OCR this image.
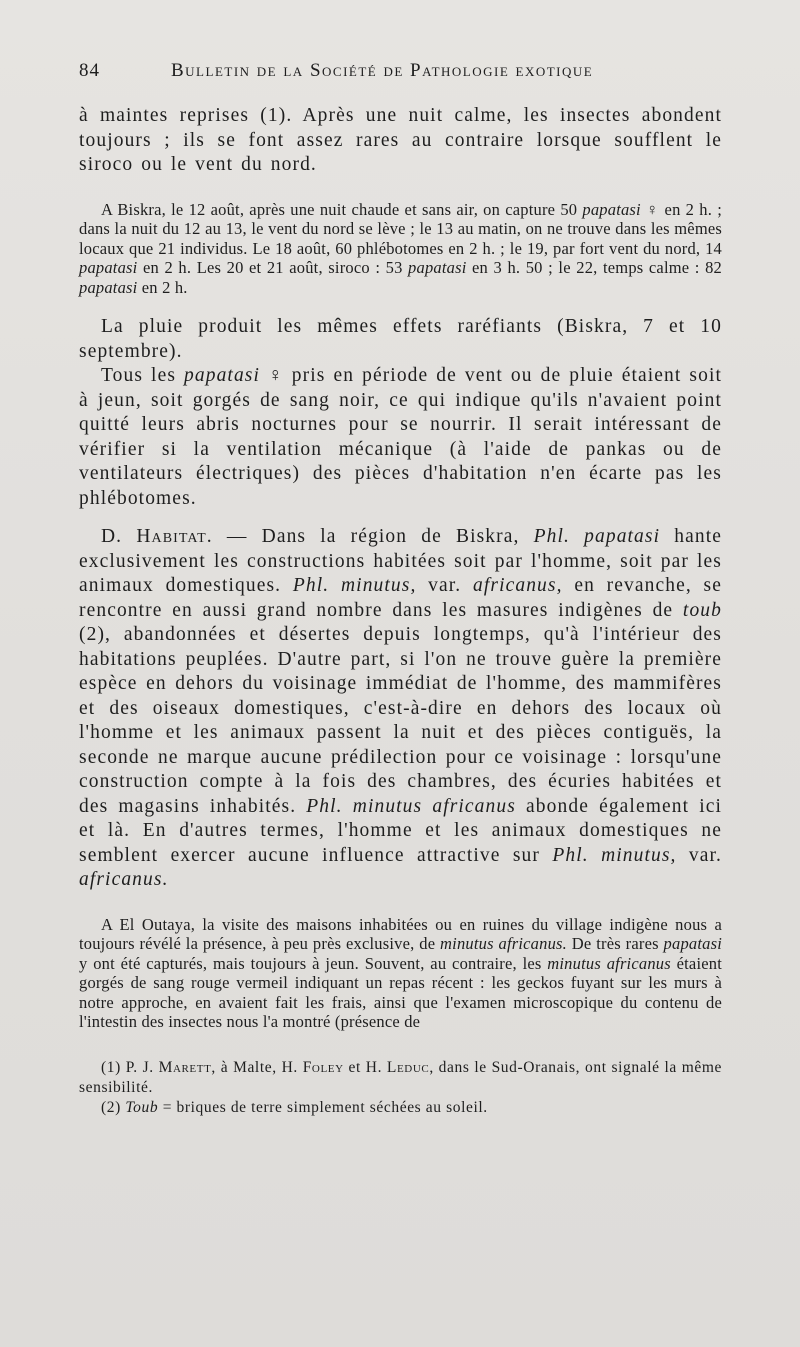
84	Bulletin de la Société de Pathologie exotique

à maintes reprises (1). Après une nuit calme, les insectes abondent toujours ; ils se font assez rares au contraire lorsque soufflent le siroco ou le vent du nord.

A Biskra, le 12 août, après une nuit chaude et sans air, on capture 50 papatasi ♀ en 2 h. ; dans la nuit du 12 au 13, le vent du nord se lève ; le 13 au matin, on ne trouve dans les mêmes locaux que 21 individus. Le 18 août, 60 phlébotomes en 2 h. ; le 19, par fort vent du nord, 14 papatasi en 2 h. Les 20 et 21 août, siroco : 53 papatasi en 3 h. 50 ; le 22, temps calme : 82 papatasi en 2 h.

La pluie produit les mêmes effets raréfiants (Biskra, 7 et 10 septembre).

Tous les papatasi ♀ pris en période de vent ou de pluie étaient soit à jeun, soit gorgés de sang noir, ce qui indique qu'ils n'avaient point quitté leurs abris nocturnes pour se nourrir. Il serait intéressant de vérifier si la ventilation mécanique (à l'aide de pankas ou de ventilateurs électriques) des pièces d'habitation n'en écarte pas les phlébotomes.

D. Habitat. — Dans la région de Biskra, Phl. papatasi hante exclusivement les constructions habitées soit par l'homme, soit par les animaux domestiques. Phl. minutus, var. africanus, en revanche, se rencontre en aussi grand nombre dans les masures indigènes de toub (2), abandonnées et désertes depuis longtemps, qu'à l'intérieur des habitations peuplées. D'autre part, si l'on ne trouve guère la première espèce en dehors du voisinage immédiat de l'homme, des mammifères et des oiseaux domestiques, c'est-à-dire en dehors des locaux où l'homme et les animaux passent la nuit et des pièces contiguës, la seconde ne marque aucune prédilection pour ce voisinage : lorsqu'une construction compte à la fois des chambres, des écuries habitées et des magasins inhabités. Phl. minutus africanus abonde également ici et là. En d'autres termes, l'homme et les animaux domestiques ne semblent exercer aucune influence attractive sur Phl. minutus, var. africanus.

A El Outaya, la visite des maisons inhabitées ou en ruines du village indigène nous a toujours révélé la présence, à peu près exclusive, de minutus africanus. De très rares papatasi y ont été capturés, mais toujours à jeun. Souvent, au contraire, les minutus africanus étaient gorgés de sang rouge vermeil indiquant un repas récent : les geckos fuyant sur les murs à notre approche, en avaient fait les frais, ainsi que l'examen microscopique du contenu de l'intestin des insectes nous l'a montré (présence de

(1) P. J. Marett, à Malte, H. Foley et H. Leduc, dans le Sud-Oranais, ont signalé la même sensibilité.

(2) Toub = briques de terre simplement séchées au soleil.
